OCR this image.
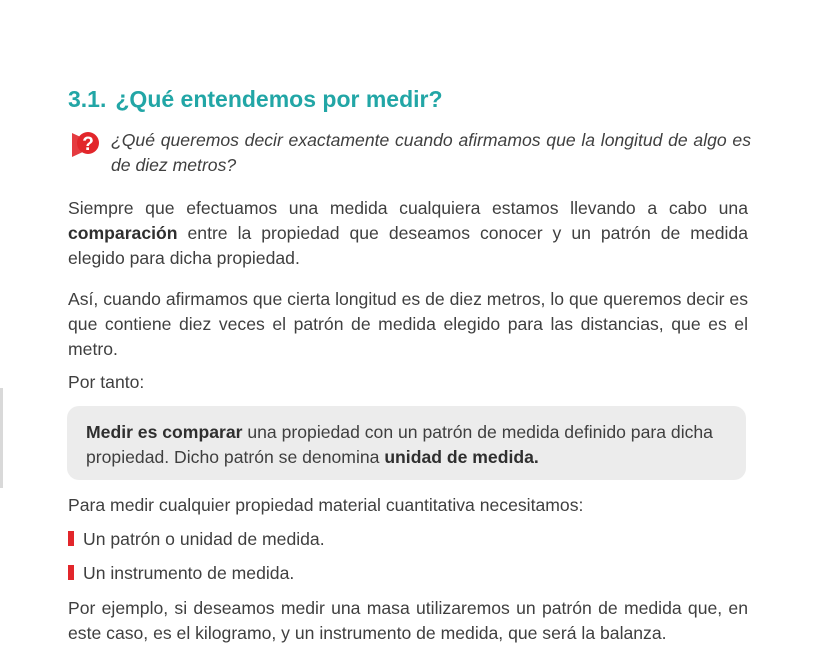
3.1. ¿Qué entendemos por medir?
? ¿Qué queremos decir exactamente cuando afirmamos que la longitud de algo es de diez metros?
Siempre que efectuamos una medida cualquiera estamos llevando a cabo una comparación entre la propiedad que deseamos conocer y un patrón de medida elegido para dicha propiedad.
Así, cuando afirmamos que cierta longitud es de diez metros, lo que queremos decir es que contiene diez veces el patrón de medida elegido para las distancias, que es el metro.
Por tanto:
Medir es comparar una propiedad con un patrón de medida definido para dicha propiedad. Dicho patrón se denomina unidad de medida.
Para medir cualquier propiedad material cuantitativa necesitamos:
Un patrón o unidad de medida.
Un instrumento de medida.
Por ejemplo, si deseamos medir una masa utilizaremos un patrón de medida que, en este caso, es el kilogramo, y un instrumento de medida, que será la balanza.
